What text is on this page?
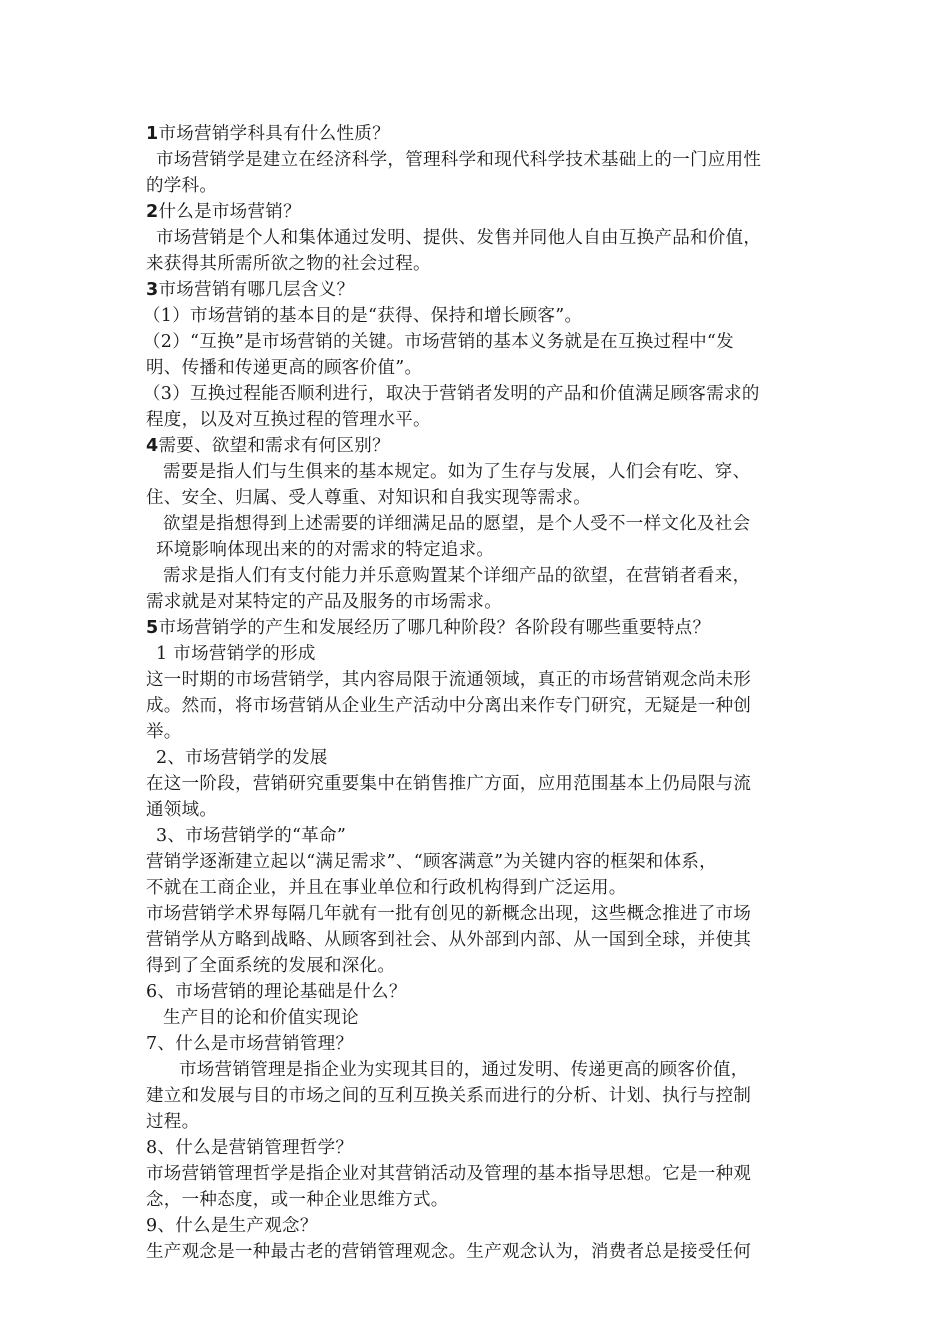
1市场营销学科具有什么性质？
市场营销学是建立在经济科学，管理科学和现代科学技术基础上的一门应用性
的学科。
2什么是市场营销？
市场营销是个人和集体通过发明、提供、发售并同他人自由互换产品和价值，
来获得其所需所欲之物的社会过程。
3市场营销有哪几层含义？
（1）市场营销的基本目的是“获得、保持和增长顾客”。
（2）“互换”是市场营销的关键。市场营销的基本义务就是在互换过程中“发
明、传播和传递更高的顾客价值”。
（3）互换过程能否顺利进行，取决于营销者发明的产品和价值满足顾客需求的
程度，以及对互换过程的管理水平。
4需要、欲望和需求有何区别？
需要是指人们与生俱来的基本规定。如为了生存与发展，人们会有吃、穿、
住、安全、归属、受人尊重、对知识和自我实现等需求。
欲望是指想得到上述需要的详细满足品的愿望，是个人受不一样文化及社会
环境影响体现出来的的对需求的特定追求。
需求是指人们有支付能力并乐意购置某个详细产品的欲望，在营销者看来，
需求就是对某特定的产品及服务的市场需求。
5市场营销学的产生和发展经历了哪几种阶段？各阶段有哪些重要特点？
1 市场营销学的形成
这一时期的市场营销学，其内容局限于流通领域，真正的市场营销观念尚未形
成。然而，将市场营销从企业生产活动中分离出来作专门研究，无疑是一种创
举。
2、市场营销学的发展
在这一阶段，营销研究重要集中在销售推广方面，应用范围基本上仍局限与流
通领域。
3、市场营销学的“革命”
营销学逐渐建立起以“满足需求”、“顾客满意”为关键内容的框架和体系，
不就在工商企业，并且在事业单位和行政机构得到广泛运用。
市场营销学术界每隔几年就有一批有创见的新概念出现，这些概念推进了市场
营销学从方略到战略、从顾客到社会、从外部到内部、从一国到全球，并使其
得到了全面系统的发展和深化。
6、市场营销的理论基础是什么？
生产目的论和价值实现论
7、什么是市场营销管理？
市场营销管理是指企业为实现其目的，通过发明、传递更高的顾客价值，
建立和发展与目的市场之间的互利互换关系而进行的分析、计划、执行与控制
过程。
8、什么是营销管理哲学？
市场营销管理哲学是指企业对其营销活动及管理的基本指导思想。它是一种观
念，一种态度，或一种企业思维方式。
9、什么是生产观念？
生产观念是一种最古老的营销管理观念。生产观念认为，消费者总是接受任何
